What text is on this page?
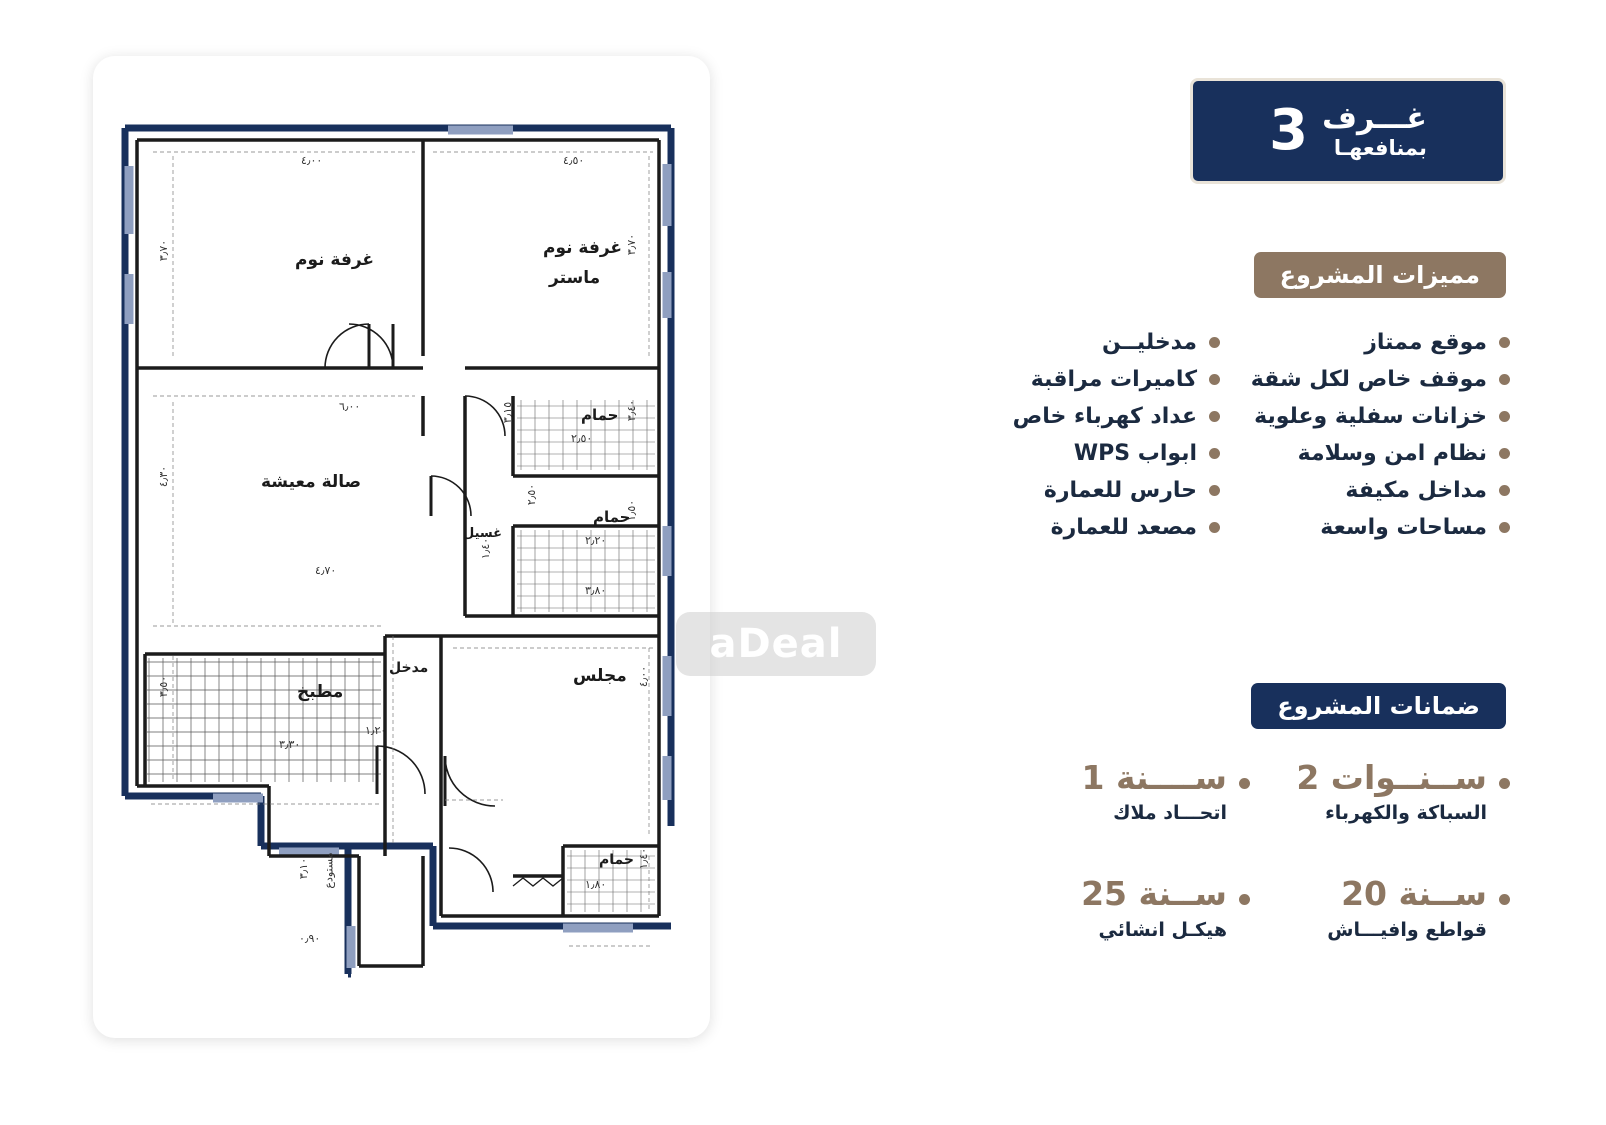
غرفة نوم
غرفة نوم
ماستر
صالة معيشة
حمام
حمام
غسيل
مطبخ
مدخل	مجلس
حمام
٤٫٠٠	٤٫٥٠
٣٫٧٠	٣٫٧٠
٦٫٠٠	٣٫١٥	٣٫٤٠
٢٫٥٠
٤٫٣٠
٢٫٥٠
١٫٥٠
٢٫٢٠
١٫٤٠
٤٫٧٠
٣٫٨٠
٣٫٥٠	٤٫٠٠
٣٫٣٠
١٫٢٠
٣٫١٠
٠٫٩٠
١٫٨٠
١٫٤٠
مستودع
aDeal
غـــرف
بمنافعهـا
3
مميزات المشروع
موقع ممتاز
موقف خاص لكل شقة
خزانات سفلية وعلوية
نظام امن وسلامة
مداخل مكيفة
مساحات واسعة
مدخليــن
كاميرات مراقبة
عداد كهرباء خاص
ابواب WPS
حارس للعمارة
مصعد للعمارة
ضمانات المشروع
ســنــوات 2
السباكة والكهرباء
ســــنة 1
اتحـــاد ملاك
ســنة 20
قواطع وافيـــاش
ســنة 25
هيكـل انشائي
